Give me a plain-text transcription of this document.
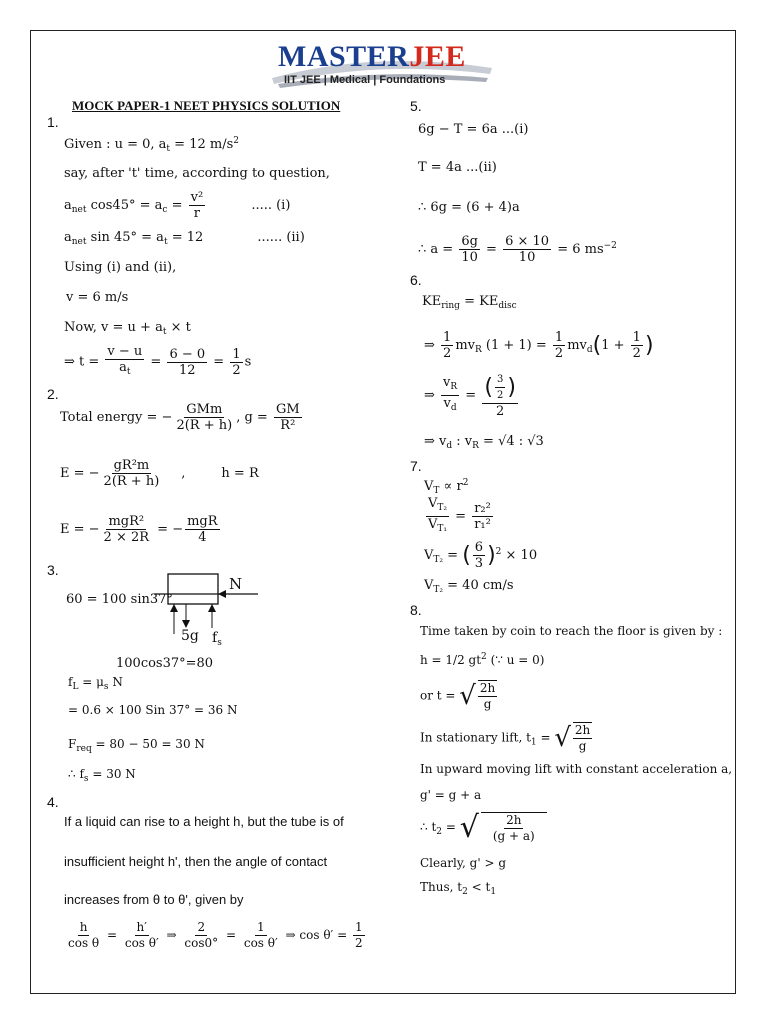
MASTERJEE
IIT JEE | Medical | Foundations
MOCK PAPER-1 NEET PHYSICS SOLUTION
1.
Given : u = 0, $a_t = 12$ $m/s^2$
say, after 't' time, according to question,
$a_{net}$ $\cos 45^\circ = a_c = \frac{\text{v²}}{r}$	..... (i)
$a_{net}$ $\sin 45^\circ = a_t = 12$	...... (ii)
Using (i) and (ii),
v = 6 m/s
Now, $v = u + a_t \times t$
⇒ $t = \frac{v - u}{a_t} = \frac{6 - 0}{12} = \frac{1}{2}$ s
2.
Total energy = − $\frac{\text{GMm}}{2(R + h)}$ , $g = \frac{GM}{\text{R²}}$
E = − $\frac{\text{gR²m}}{2(R + h)}$ ,	h = R
E = − $\frac{\text{mgR²}}{2 \times 2R}$ = − $\frac{\text{mgR}}{4}$
3.
60 = 100 sin37°
N
5g $f_s$
100cos37°=80
$f_L = \mu_s$ N
= 0.6 × 100 Sin 37° = 36 N
$F_{req} = 80 - 50 = 30$ N
∴ $f_s = 30$ N
4.
If a liquid can rise to a height h, but the tube is of
insufficient height h', then the angle of contact
increases from θ to θ', given by
$\frac{h}{\text{cos θ}} = \frac{h'}{\text{cos θ′}}$ ⇒ $\frac{2}{\cos 0^\circ} = \frac{1}{\text{cos θ′}}$ ⇒ $\cos \theta' = \frac{1}{2}$
5.
6g − T = 6a ...(i)
T = 4a ...(ii)
∴ 6g = (6 + 4)a
∴ $a = \frac{6g}{10} = \frac{6 \times 10}{10} = 6$ $ms^{-2}$
6.
$KE_{ring} = KE_{disc}$
⇒ $\frac{1}{2} mv_R$ $(1 + 1) = \frac{1}{2} mv_d(1 + \frac{1}{2}$ )
⇒ $\frac{v_R}{v_d} = \frac{( \frac{3}{2} )}{2}$
⇒ $v_d$ : $v_R = √4$ : √3
7.
$V_T \propto r^2$
$\frac{V_{T_2}}{V_{T_1}} = \frac{\text{r₂²}}{\text{r₁²}}$
$V_{T_2}$ = ( $\frac{6}{3} )^2 \times 10$
$V_{T_2} = 40$ cm/s
8.
Time taken by coin to reach the floor is given by :
h = 1/2 $gt^2$ (∵ u = 0)
or t = √ $\frac{2h}{g}$
In stationary lift, $t_1$ = √ $\frac{2h}{g}$
In upward moving lift with constant acceleration a,
g' = g + a
∴ $t_2$ = √ $\frac{2h}{(g + a)}$
Clearly, g' > g
Thus, $t_2 < t_1$
